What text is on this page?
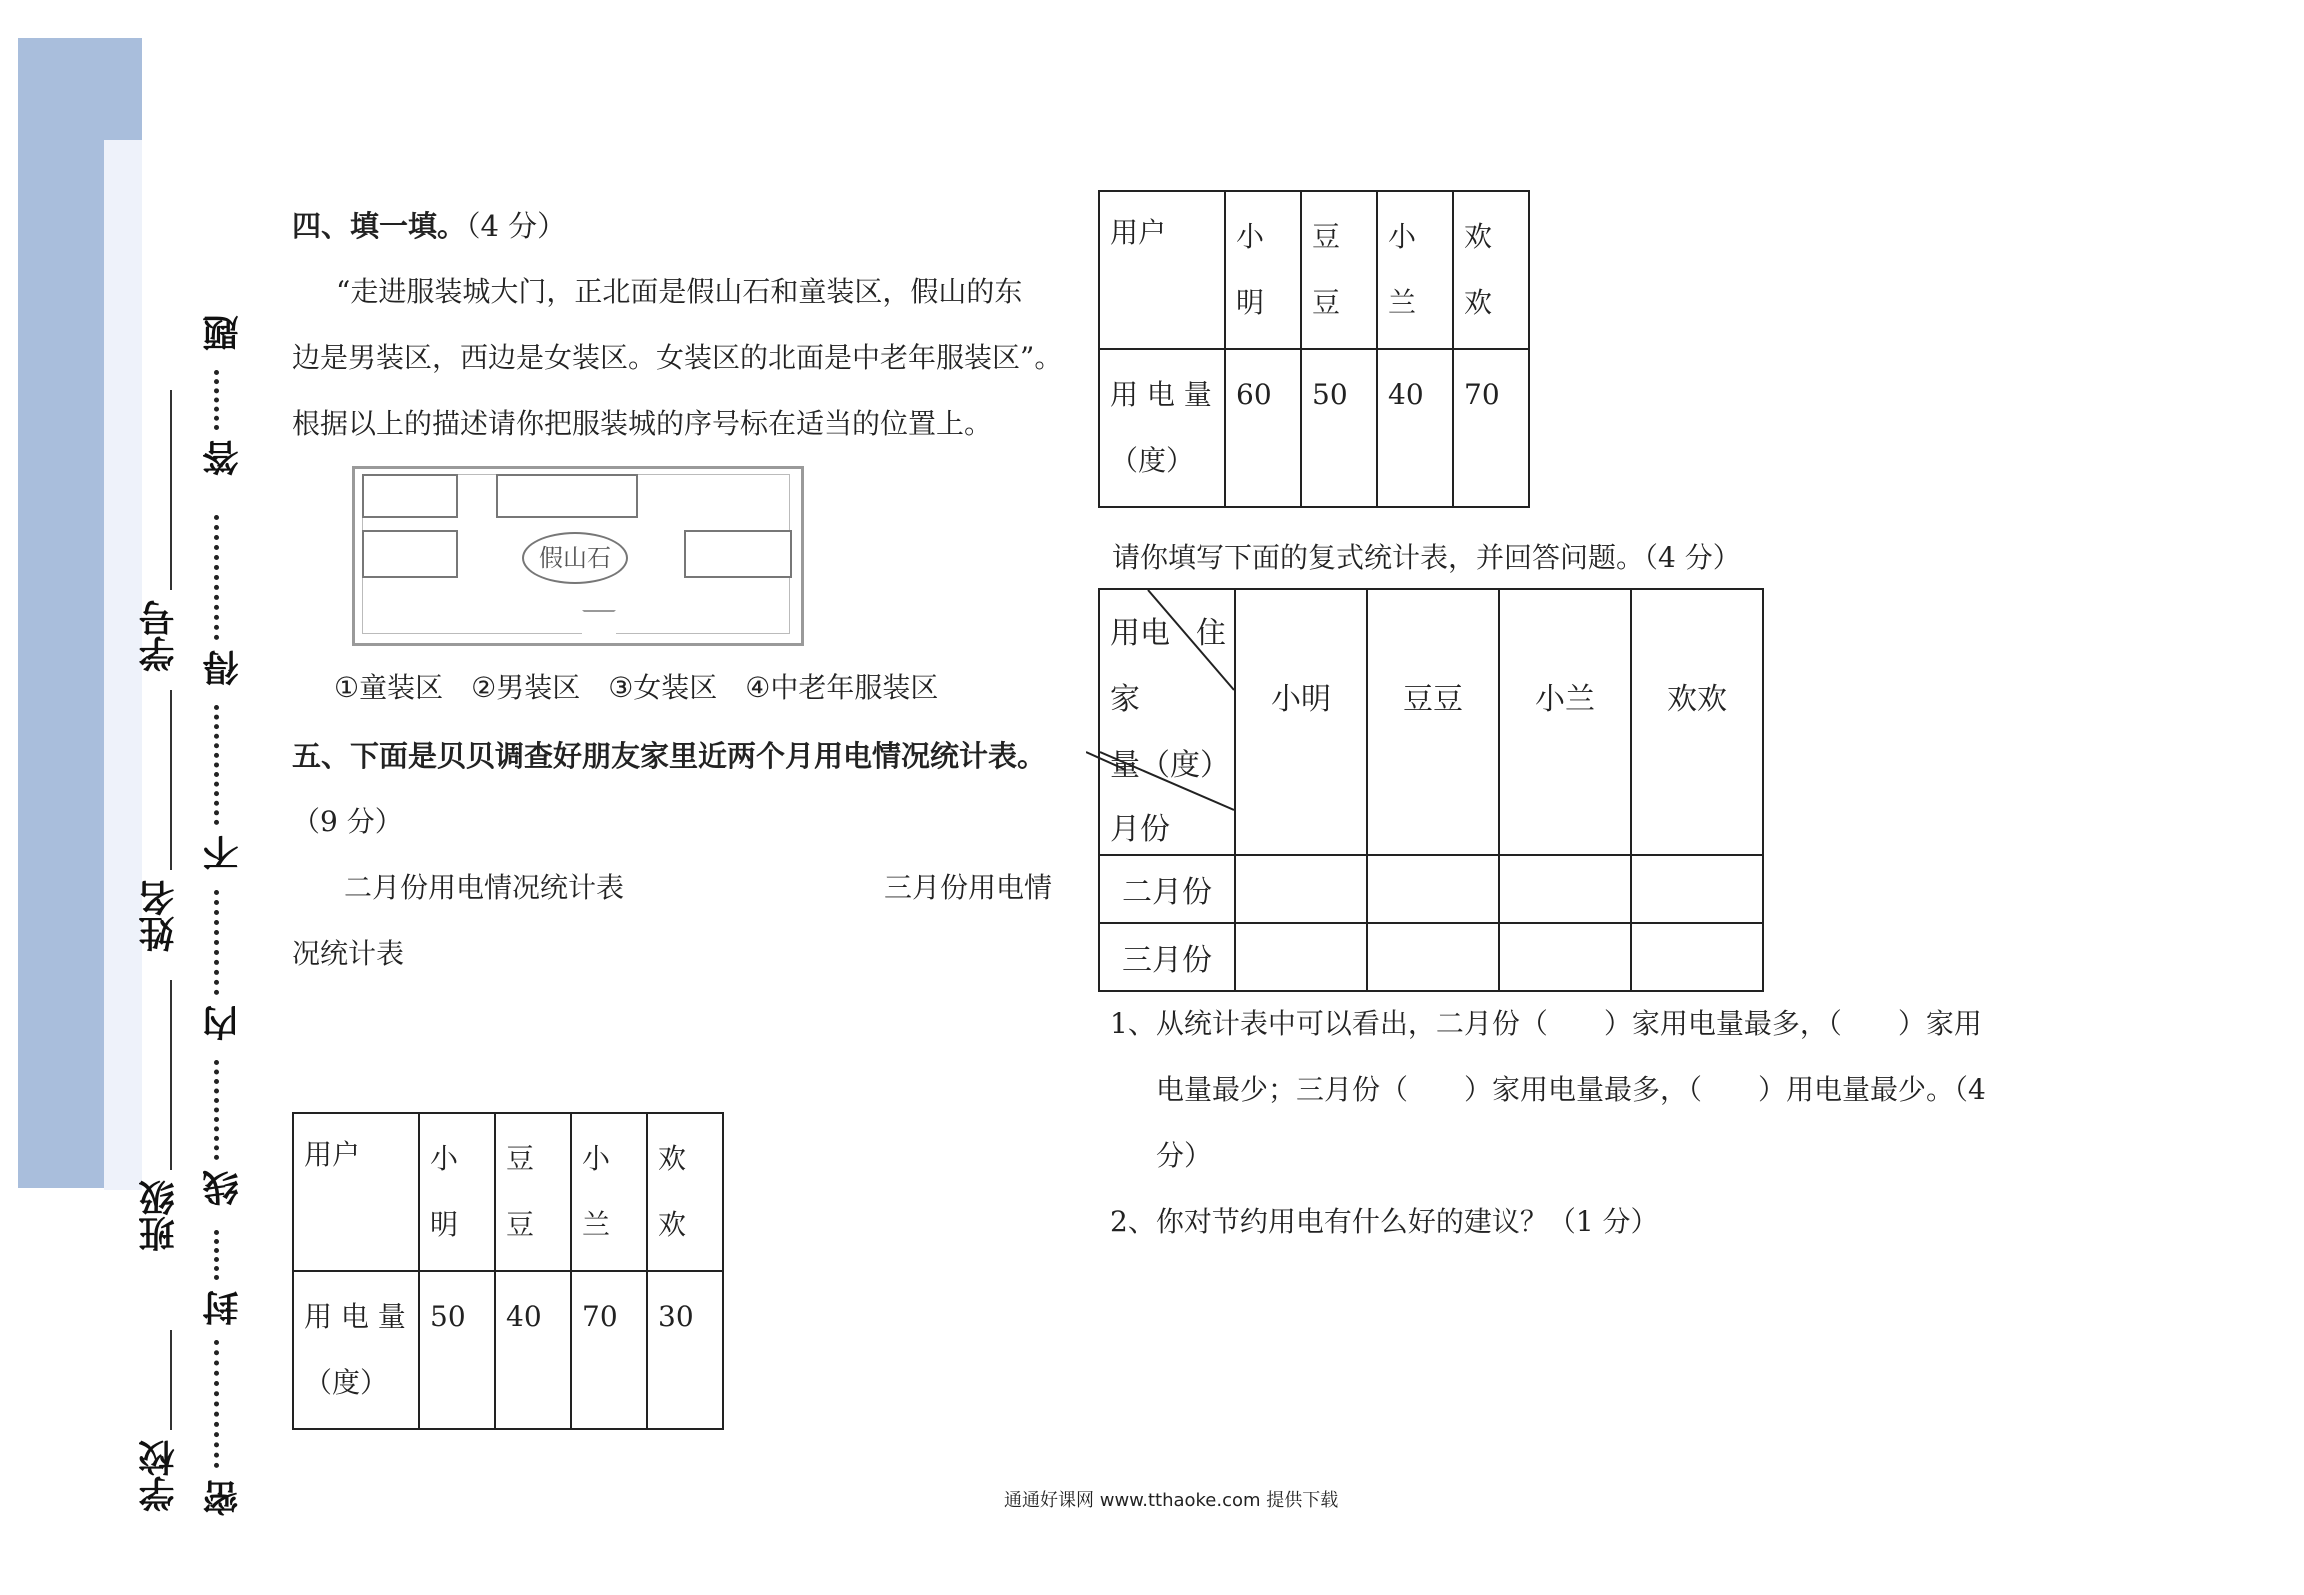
学校
班级
姓名
学号
密
封
线
内
不
得
答
题
四、填一填。（4 分）
“走进服装城大门，正北面是假山石和童装区，假山的东
边是男装区，西边是女装区。女装区的北面是中老年服装区”。
根据以上的描述请你把服装城的序号标在适当的位置上。
假山石
①童装区　②男装区　③女装区　④中老年服装区
五、下面是贝贝调查好朋友家里近两个月用电情况统计表。
（9 分）
二月份用电情况统计表	三月份用电情
况统计表
用户	小明	豆豆	小兰	欢欢
用 电 量（度）	60	50	40	70
用户	小明	豆豆	小兰	欢欢
用 电 量（度）	50	40	70	30
请你填写下面的复式统计表，并回答问题。（4 分）
用电 住
家
量（度）
月份	小明	豆豆	小兰	欢欢
二月份				
三月份				
1、从统计表中可以看出，二月份（　　）家用电量最多，（　　）家用
电量最少；三月份（　　）家用电量最多，（　　）用电量最少。（4
分）
2、你对节约用电有什么好的建议？（1 分）
通通好课网 www.tthaoke.com 提供下载
